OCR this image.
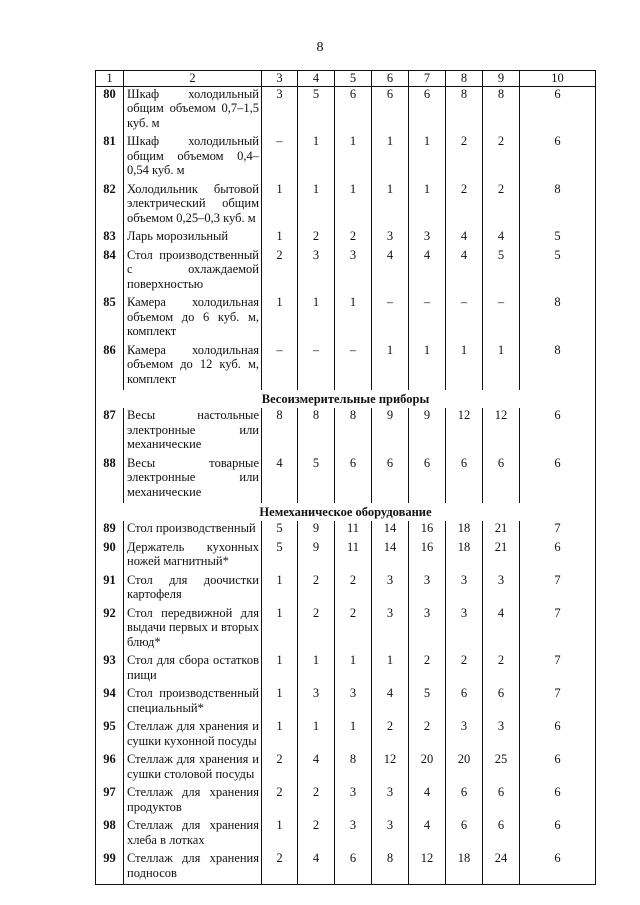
8
1	2	3	4	5	6	7	8	9	10
80	Шкаф холодильный общим объемом 0,7–1,5 куб. м	3	5	6	6	6	8	8	6
81	Шкаф холодильный общим объемом 0,4–0,54 куб. м	–	1	1	1	1	2	2	6
82	Холодильник бытовой электрический общим объемом 0,25–0,3 куб. м	1	1	1	1	1	2	2	8
83	Ларь морозильный	1	2	2	3	3	4	4	5
84	Стол производственный с охлаждаемой поверхностью	2	3	3	4	4	4	5	5
85	Камера холодильная объемом до 6 куб. м, комплект	1	1	1	–	–	–	–	8
86	Камера холодильная объемом до 12 куб. м, комплект	–	–	–	1	1	1	1	8
Весоизмерительные приборы									
87	Весы настольные электронные или механические	8	8	8	9	9	12	12	6
88	Весы товарные электронные или механические	4	5	6	6	6	6	6	6
Немеханическое оборудование									
89	Стол производственный	5	9	11	14	16	18	21	7
90	Держатель кухонных ножей магнитный*	5	9	11	14	16	18	21	6
91	Стол для доочистки картофеля	1	2	2	3	3	3	3	7
92	Стол передвижной для выдачи первых и вторых блюд*	1	2	2	3	3	3	4	7
93	Стол для сбора остатков пищи	1	1	1	1	2	2	2	7
94	Стол производственный специальный*	1	3	3	4	5	6	6	7
95	Стеллаж для хранения и сушки кухонной посуды	1	1	1	2	2	3	3	6
96	Стеллаж для хранения и сушки столовой посуды	2	4	8	12	20	20	25	6
97	Стеллаж для хранения продуктов	2	2	3	3	4	6	6	6
98	Стеллаж для хранения хлеба в лотках	1	2	3	3	4	6	6	6
99	Стеллаж для хранения подносов	2	4	6	8	12	18	24	6
